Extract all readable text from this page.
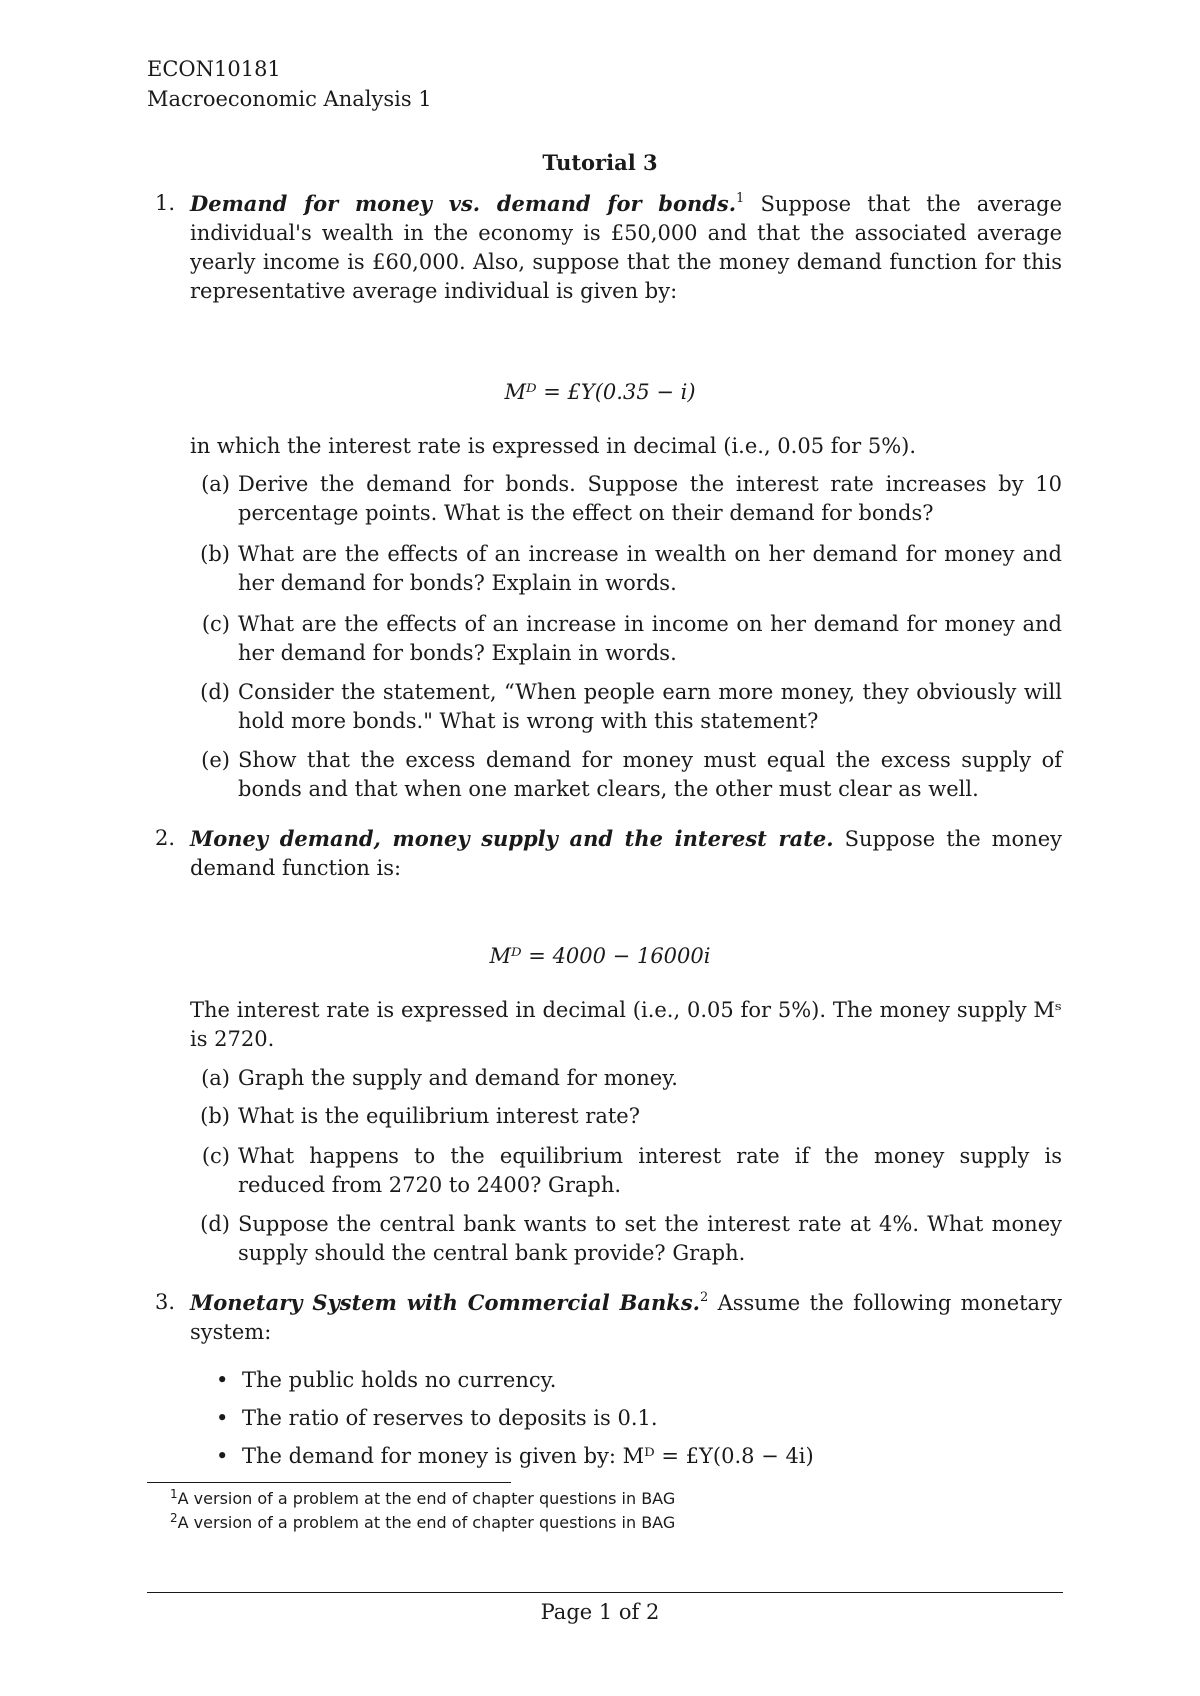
ECON10181
Macroeconomic Analysis 1
Tutorial 3
1. Demand for money vs. demand for bonds.$^1$ Suppose that the average individual's wealth in the economy is £50,000 and that the associated average yearly income is £60,000. Also, suppose that the money demand function for this representative average individual is given by:
Mᴰ = £Y(0.35 − i)
in which the interest rate is expressed in decimal (i.e., 0.05 for 5%).
(a) Derive the demand for bonds. Suppose the interest rate increases by 10 percentage points. What is the effect on their demand for bonds?
(b) What are the effects of an increase in wealth on her demand for money and her demand for bonds? Explain in words.
(c) What are the effects of an increase in income on her demand for money and her demand for bonds? Explain in words.
(d) Consider the statement, “When people earn more money, they obviously will hold more bonds." What is wrong with this statement?
(e) Show that the excess demand for money must equal the excess supply of bonds and that when one market clears, the other must clear as well.
2. Money demand, money supply and the interest rate. Suppose the money demand function is:
Mᴰ = 4000 − 16000i
The interest rate is expressed in decimal (i.e., 0.05 for 5%). The money supply Mˢ is 2720.
(a) Graph the supply and demand for money.
(b) What is the equilibrium interest rate?
(c) What happens to the equilibrium interest rate if the money supply is reduced from 2720 to 2400? Graph.
(d) Suppose the central bank wants to set the interest rate at 4%. What money supply should the central bank provide? Graph.
3. Monetary System with Commercial Banks.$^2$ Assume the following monetary system:
• The public holds no currency.
• The ratio of reserves to deposits is 0.1.
• The demand for money is given by: Mᴰ = £Y(0.8 − 4i)
$^1$A version of a problem at the end of chapter questions in BAG
$^2$A version of a problem at the end of chapter questions in BAG
Page 1 of 2
